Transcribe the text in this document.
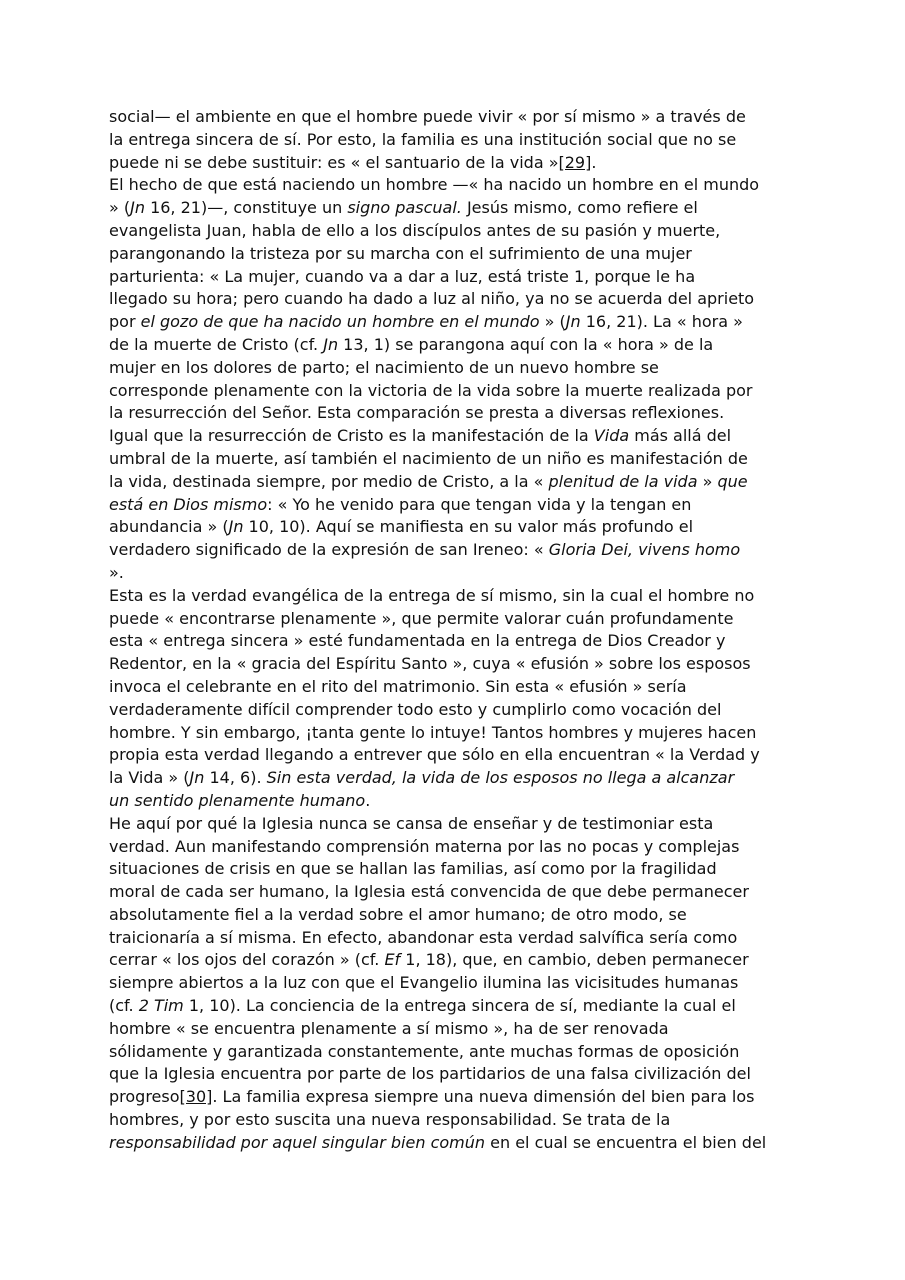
social— el ambiente en que el hombre puede vivir « por sí mismo » a través de
la entrega sincera de sí. Por esto, la familia es una institución social que no se
puede ni se debe sustituir: es « el santuario de la vida »[29].
El hecho de que está naciendo un hombre —« ha nacido un hombre en el mundo
» (Jn 16, 21)—, constituye un signo pascual. Jesús mismo, como refiere el
evangelista Juan, habla de ello a los discípulos antes de su pasión y muerte,
parangonando la tristeza por su marcha con el sufrimiento de una mujer
parturienta: « La mujer, cuando va a dar a luz, está triste 1, porque le ha
llegado su hora; pero cuando ha dado a luz al niño, ya no se acuerda del aprieto
por el gozo de que ha nacido un hombre en el mundo » (Jn 16, 21). La « hora »
de la muerte de Cristo (cf. Jn 13, 1) se parangona aquí con la « hora » de la
mujer en los dolores de parto; el nacimiento de un nuevo hombre se
corresponde plenamente con la victoria de la vida sobre la muerte realizada por
la resurrección del Señor. Esta comparación se presta a diversas reflexiones.
Igual que la resurrección de Cristo es la manifestación de la Vida más allá del
umbral de la muerte, así también el nacimiento de un niño es manifestación de
la vida, destinada siempre, por medio de Cristo, a la « plenitud de la vida » que
está en Dios mismo: « Yo he venido para que tengan vida y la tengan en
abundancia » (Jn 10, 10). Aquí se manifiesta en su valor más profundo el
verdadero significado de la expresión de san Ireneo: « Gloria Dei, vivens homo
».
Esta es la verdad evangélica de la entrega de sí mismo, sin la cual el hombre no
puede « encontrarse plenamente », que permite valorar cuán profundamente
esta « entrega sincera » esté fundamentada en la entrega de Dios Creador y
Redentor, en la « gracia del Espíritu Santo », cuya « efusión » sobre los esposos
invoca el celebrante en el rito del matrimonio. Sin esta « efusión » sería
verdaderamente difícil comprender todo esto y cumplirlo como vocación del
hombre. Y sin embargo, ¡tanta gente lo intuye! Tantos hombres y mujeres hacen
propia esta verdad llegando a entrever que sólo en ella encuentran « la Verdad y
la Vida » (Jn 14, 6). Sin esta verdad, la vida de los esposos no llega a alcanzar
un sentido plenamente humano.
He aquí por qué la Iglesia nunca se cansa de enseñar y de testimoniar esta
verdad. Aun manifestando comprensión materna por las no pocas y complejas
situaciones de crisis en que se hallan las familias, así como por la fragilidad
moral de cada ser humano, la Iglesia está convencida de que debe permanecer
absolutamente fiel a la verdad sobre el amor humano; de otro modo, se
traicionaría a sí misma. En efecto, abandonar esta verdad salvífica sería como
cerrar « los ojos del corazón » (cf. Ef 1, 18), que, en cambio, deben permanecer
siempre abiertos a la luz con que el Evangelio ilumina las vicisitudes humanas
(cf. 2 Tim 1, 10). La conciencia de la entrega sincera de sí, mediante la cual el
hombre « se encuentra plenamente a sí mismo », ha de ser renovada
sólidamente y garantizada constantemente, ante muchas formas de oposición
que la Iglesia encuentra por parte de los partidarios de una falsa civilización del
progreso[30]. La familia expresa siempre una nueva dimensión del bien para los
hombres, y por esto suscita una nueva responsabilidad. Se trata de la
responsabilidad por aquel singular bien común en el cual se encuentra el bien del
